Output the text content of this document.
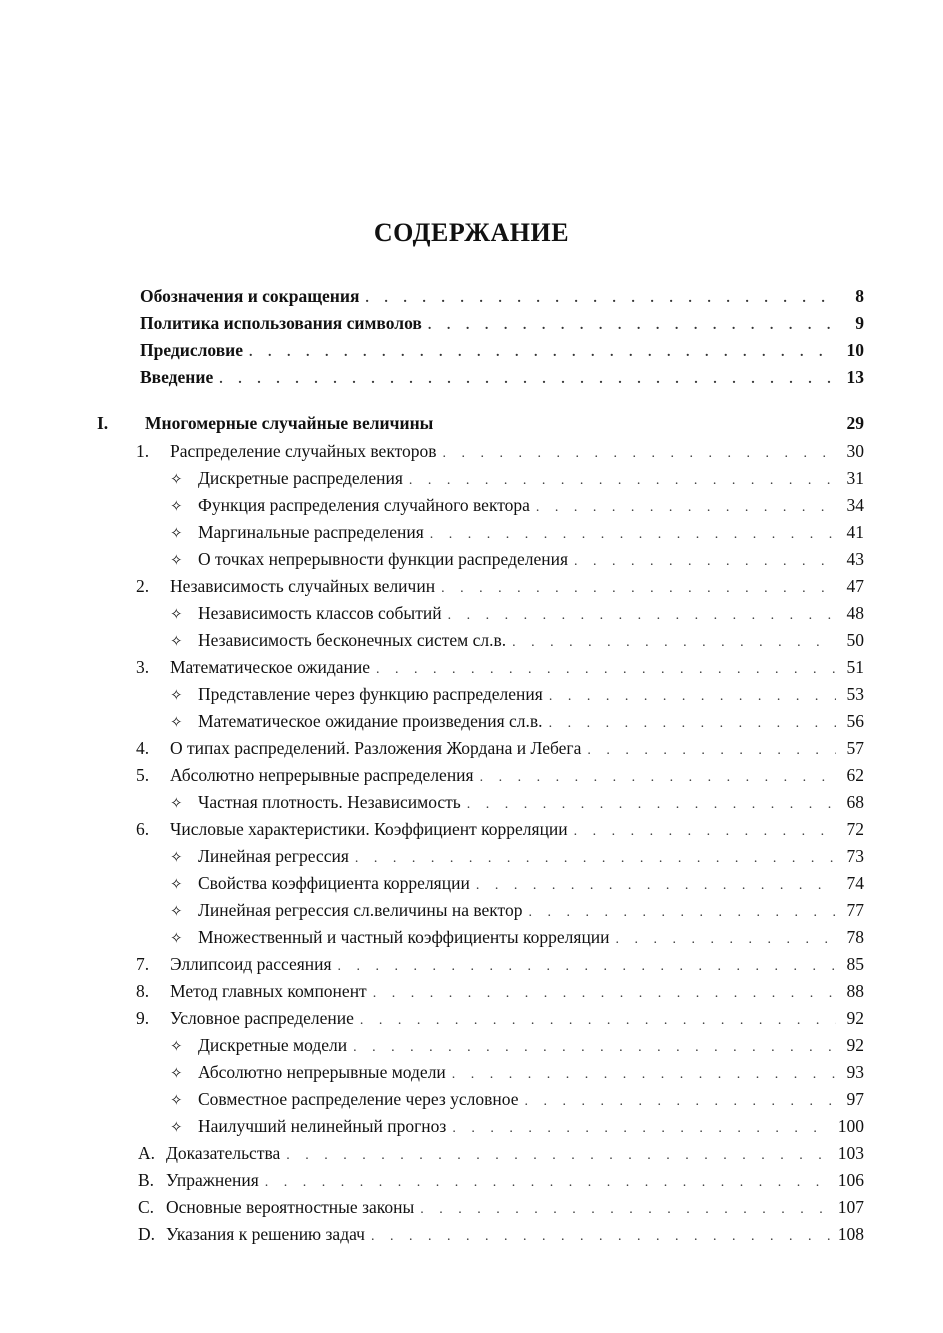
СОДЕРЖАНИЕ
Обозначения и сокращения . . .	8
Политика использования символов . . .	9
Предисловие . . .	10
Введение . . .	13
I.	Многомерные случайные величины	29
1.	Распределение случайных векторов . . .	30
✧ Дискретные распределения . . .	31
✧ Функция распределения случайного вектора . . .	34
✧ Маргинальные распределения . . .	41
✧ О точках непрерывности функции распределения . . .	43
2.	Независимость случайных величин . . .	47
✧ Независимость классов событий . . .	48
✧ Независимость бесконечных систем сл.в. . . .	50
3.	Математическое ожидание . . .	51
✧ Представление через функцию распределения . . .	53
✧ Математическое ожидание произведения сл.в. . . .	56
4.	О типах распределений. Разложения Жордана и Лебега . . .	57
5.	Абсолютно непрерывные распределения . . .	62
✧ Частная плотность. Независимость . . .	68
6.	Числовые характеристики. Коэффициент корреляции . . .	72
✧ Линейная регрессия . . .	73
✧ Свойства коэффициента корреляции . . .	74
✧ Линейная регрессия сл.величины на вектор . . .	77
✧ Множественный и частный коэффициенты корреляции . . .	78
7.	Эллипсоид рассеяния . . .	85
8.	Метод главных компонент . . .	88
9.	Условное распределение . . .	92
✧ Дискретные модели . . .	92
✧ Абсолютно непрерывные модели . . .	93
✧ Совместное распределение через условное . . .	97
✧ Наилучший нелинейный прогноз . . .	100
A. Доказательства . . .	103
B. Упражнения . . .	106
C. Основные вероятностные законы . . .	107
D. Указания к решению задач . . .	108
